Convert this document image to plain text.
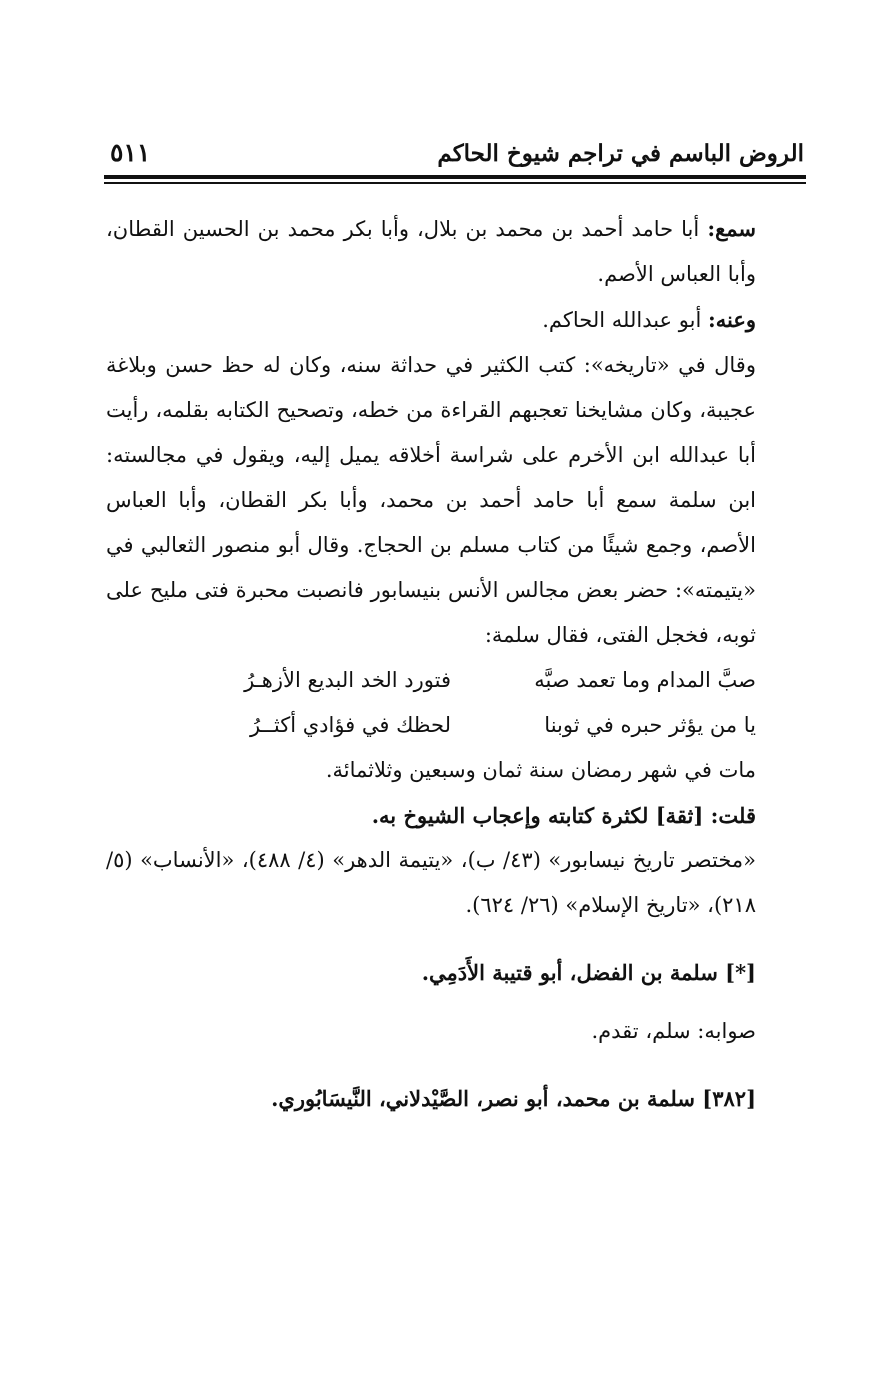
الروض الباسم في تراجم شيوخ الحاكم
٥١١

سمع: أبا حامد أحمد بن محمد بن بلال، وأبا بكر محمد بن الحسين القطان، وأبا العباس الأصم.

وعنه: أبو عبدالله الحاكم.

وقال في «تاريخه»: كتب الكثير في حداثة سنه، وكان له حظ حسن وبلاغة عجيبة، وكان مشايخنا تعجبهم القراءة من خطه، وتصحيح الكتابه بقلمه، رأيت أبا عبدالله ابن الأخرم على شراسة أخلاقه يميل إليه، ويقول في مجالسته: ابن سلمة سمع أبا حامد أحمد بن محمد، وأبا بكر القطان، وأبا العباس الأصم، وجمع شيئًا من كتاب مسلم بن الحجاج. وقال أبو منصور الثعالبي في «يتيمته»: حضر بعض مجالس الأنس بنيسابور فانصبت محبرة فتى مليح على ثوبه، فخجل الفتى، فقال سلمة:

صبَّ المدام وما تعمد صبَّه
فتورد الخد البديع الأزهـرُ
يا من يؤثر حبره في ثوبنا
لحظك في فؤادي أكثــرُ

مات في شهر رمضان سنة ثمان وسبعين وثلاثمائة.

قلت: [ثقة] لكثرة كتابته وإعجاب الشيوخ به.

«مختصر تاريخ نيسابور» (٤٣/ ب)، «يتيمة الدهر» (٤/ ٤٨٨)، «الأنساب» (٥/ ٢١٨)، «تاريخ الإسلام» (٢٦/ ٦٢٤).

[*] سلمة بن الفضل، أبو قتيبة الأَدَمِي.

صوابه: سلم، تقدم.

[٣٨٢] سلمة بن محمد، أبو نصر، الصَّيْدلاني، النَّيسَابُوري.
